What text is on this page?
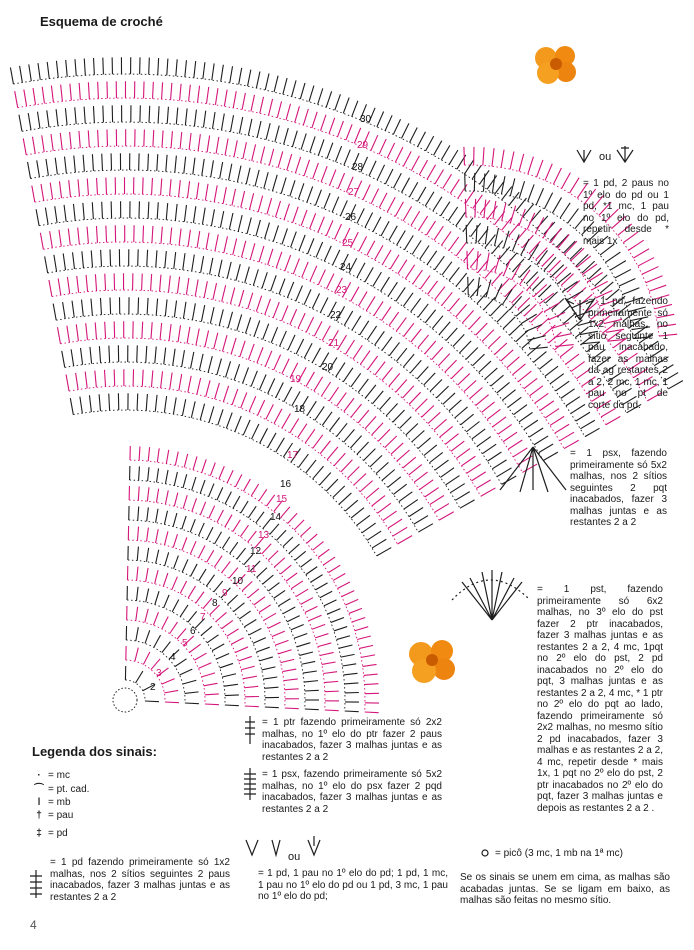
Esquema de croché
2
3
4
5
6
7
8
9
10
11
12
13
14
15
16
17
18
19
20
21
22
23
24
25
26
27
28
29
30
4
ou
= 1 pd, 2 paus no 1º elo do pd ou 1 pd, *1 mc, 1 pau no 1º elo do pd, repetir desde * mais 1x
= 1 pd, fazendo primeiramente só 1x2 malhas, no sítio seguinte 1 pau inacabado, fazer as malhas da ag restantes 2 a 2, 2 mc, 1 mc, 1 pau no pt de corte do pd.
= 1 psx, fazendo primeiramente só 5x2 malhas, nos 2 sítios seguintes 2 pqt inacabados, fazer 3 malhas juntas e as restantes 2 a 2
= 1 pst, fazendo primeiramente só 6x2 malhas, no 3º elo do pst fazer 2 ptr inacabados, fazer 3 malhas juntas e as restantes 2 a 2, 4 mc, 1pqt no 2º elo do pst, 2 pd inacabados no 2º elo do pqt, 3 malhas juntas e as restantes 2 a 2, 4 mc, * 1 ptr no 2º elo do pqt ao lado, fazendo primeiramente só 2x2 malhas, no mesmo sítio 2 pd inacabados, fazer 3 malhas e as restantes 2 a 2, 4 mc, repetir desde * mais 1x, 1 pqt no 2º elo do pst, 2 ptr inacabados no 2º elo do pqt, fazer 3 malhas juntas e depois as restantes 2 a 2 .
= 1 ptr fazendo primeiramente só 2x2 malhas, no 1º elo do ptr fazer 2 paus inacabados, fazer 3 malhas juntas e as restantes 2 a 2
= 1 psx, fazendo primeiramente só 5x2 malhas, no 1º elo do psx fazer 2 pqd inacabados, fazer 3 malhas juntas e as restantes 2 a 2
ou
= 1 pd, 1 pau no 1º elo do pd; 1 pd, 1 mc, 1 pau no 1º elo do pd ou 1 pd, 3 mc, 1 pau no 1º elo do pd;
= picô (3 mc, 1 mb na 1ª mc)
Se os sinais se unem em cima, as malhas são acabadas juntas. Se se ligam em baixo, as malhas são feitas no mesmo sítio.
Legenda dos sinais:
· = mc
⌒ = pt. cad.
ǀ = mb
† = pau
‡ = pd
= 1 pd fazendo primeiramente só 1x2 malhas, nos 2 sítios seguintes 2 paus inacabados, fazer 3 malhas juntas e as restantes 2 a 2
